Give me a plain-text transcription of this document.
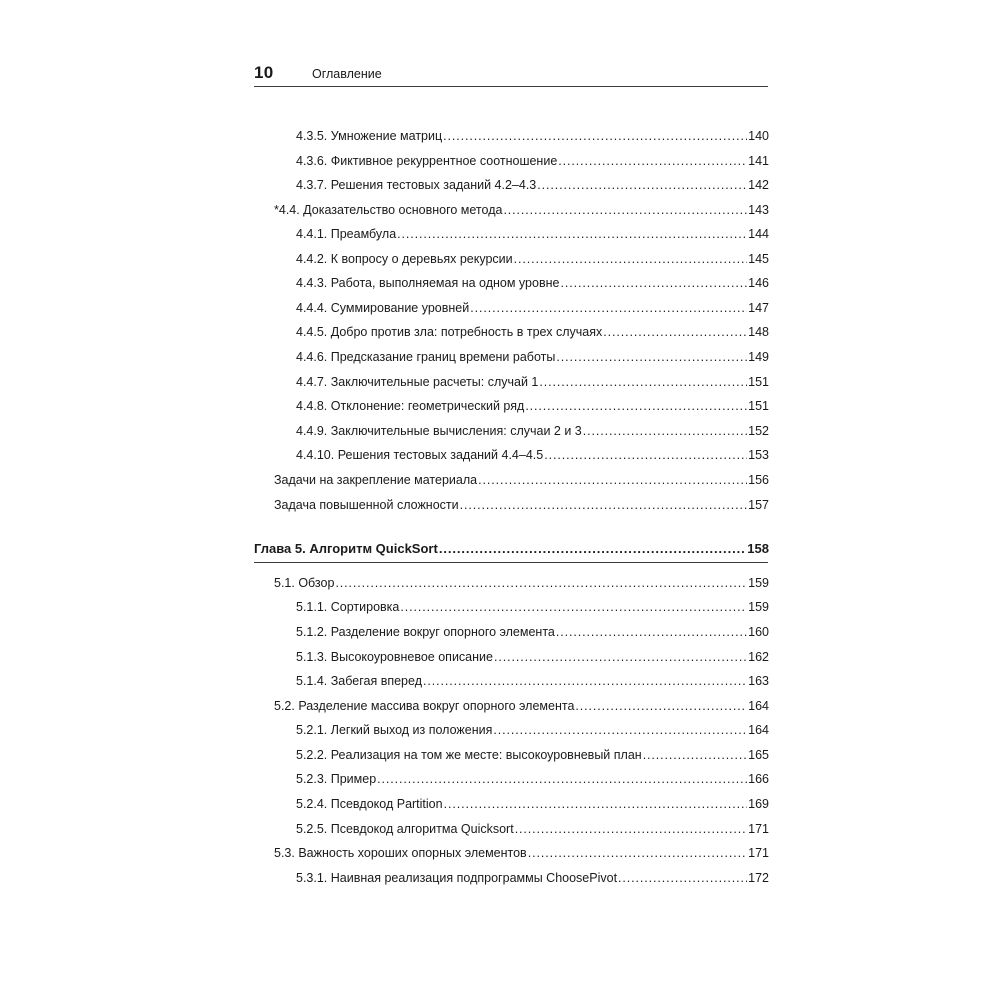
10	Оглавление
4.3.5. Умножение матриц .....	140
4.3.6. Фиктивное рекуррентное соотношение .....	141
4.3.7. Решения тестовых заданий 4.2–4.3 .....	142
*4.4. Доказательство основного метода .....	143
4.4.1. Преамбула .....	144
4.4.2. К вопросу о деревьях рекурсии .....	145
4.4.3. Работа, выполняемая на одном уровне .....	146
4.4.4. Суммирование уровней .....	147
4.4.5. Добро против зла: потребность в трех случаях .....	148
4.4.6. Предсказание границ времени работы .....	149
4.4.7. Заключительные расчеты: случай 1 .....	151
4.4.8. Отклонение: геометрический ряд .....	151
4.4.9. Заключительные вычисления: случаи 2 и 3 .....	152
4.4.10. Решения тестовых заданий 4.4–4.5 .....	153
Задачи на закрепление материала .....	156
Задача повышенной сложности .....	157
Глава 5. Алгоритм QuickSort .....	158
5.1. Обзор .....	159
5.1.1. Сортировка .....	159
5.1.2. Разделение вокруг опорного элемента .....	160
5.1.3. Высокоуровневое описание .....	162
5.1.4. Забегая вперед .....	163
5.2. Разделение массива вокруг опорного элемента .....	164
5.2.1. Легкий выход из положения .....	164
5.2.2. Реализация на том же месте: высокоуровневый план .....	165
5.2.3. Пример .....	166
5.2.4. Псевдокод Partition .....	169
5.2.5. Псевдокод алгоритма Quicksort .....	171
5.3. Важность хороших опорных элементов .....	171
5.3.1. Наивная реализация подпрограммы ChoosePivot .....	172
